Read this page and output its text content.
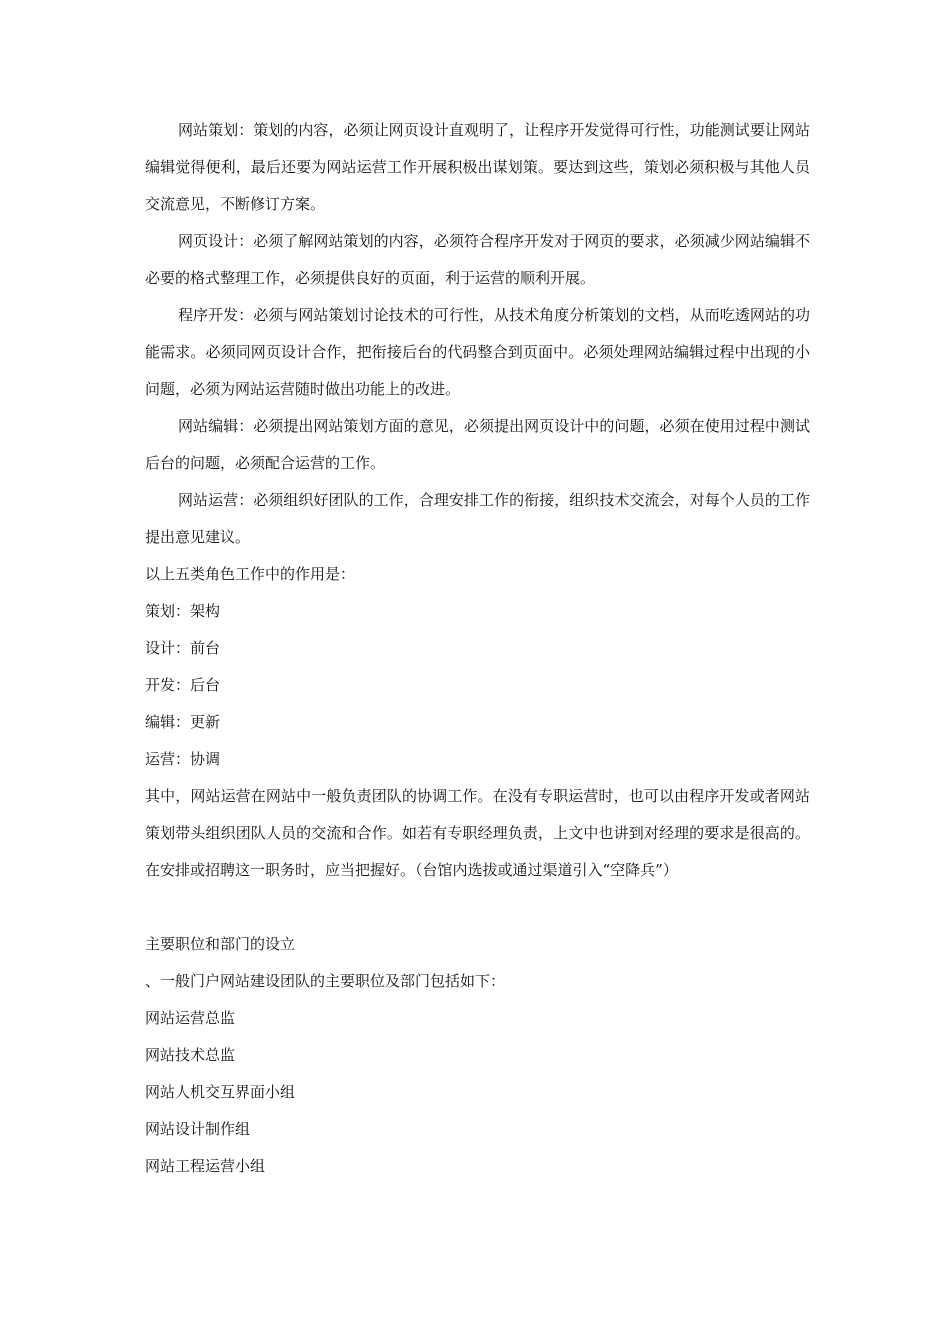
网站策划：策划的内容，必须让网页设计直观明了，让程序开发觉得可行性，功能测试要让网站编辑觉得便利，最后还要为网站运营工作开展积极出谋划策。要达到这些，策划必须积极与其他人员交流意见，不断修订方案。

网页设计：必须了解网站策划的内容，必须符合程序开发对于网页的要求，必须减少网站编辑不必要的格式整理工作，必须提供良好的页面，利于运营的顺利开展。

程序开发：必须与网站策划讨论技术的可行性，从技术角度分析策划的文档，从而吃透网站的功能需求。必须同网页设计合作，把衔接后台的代码整合到页面中。必须处理网站编辑过程中出现的小问题，必须为网站运营随时做出功能上的改进。

网站编辑：必须提出网站策划方面的意见，必须提出网页设计中的问题，必须在使用过程中测试后台的问题，必须配合运营的工作。

网站运营：必须组织好团队的工作，合理安排工作的衔接，组织技术交流会，对每个人员的工作提出意见建议。

以上五类角色工作中的作用是：

策划：架构

设计：前台

开发：后台

编辑：更新

运营：协调

其中，网站运营在网站中一般负责团队的协调工作。在没有专职运营时，也可以由程序开发或者网站策划带头组织团队人员的交流和合作。如若有专职经理负责，上文中也讲到对经理的要求是很高的。在安排或招聘这一职务时，应当把握好。（台馆内选拔或通过渠道引入“空降兵”）

主要职位和部门的设立

、一般门户网站建设团队的主要职位及部门包括如下：

网站运营总监

网站技术总监

网站人机交互界面小组

网站设计制作组

网站工程运营小组
